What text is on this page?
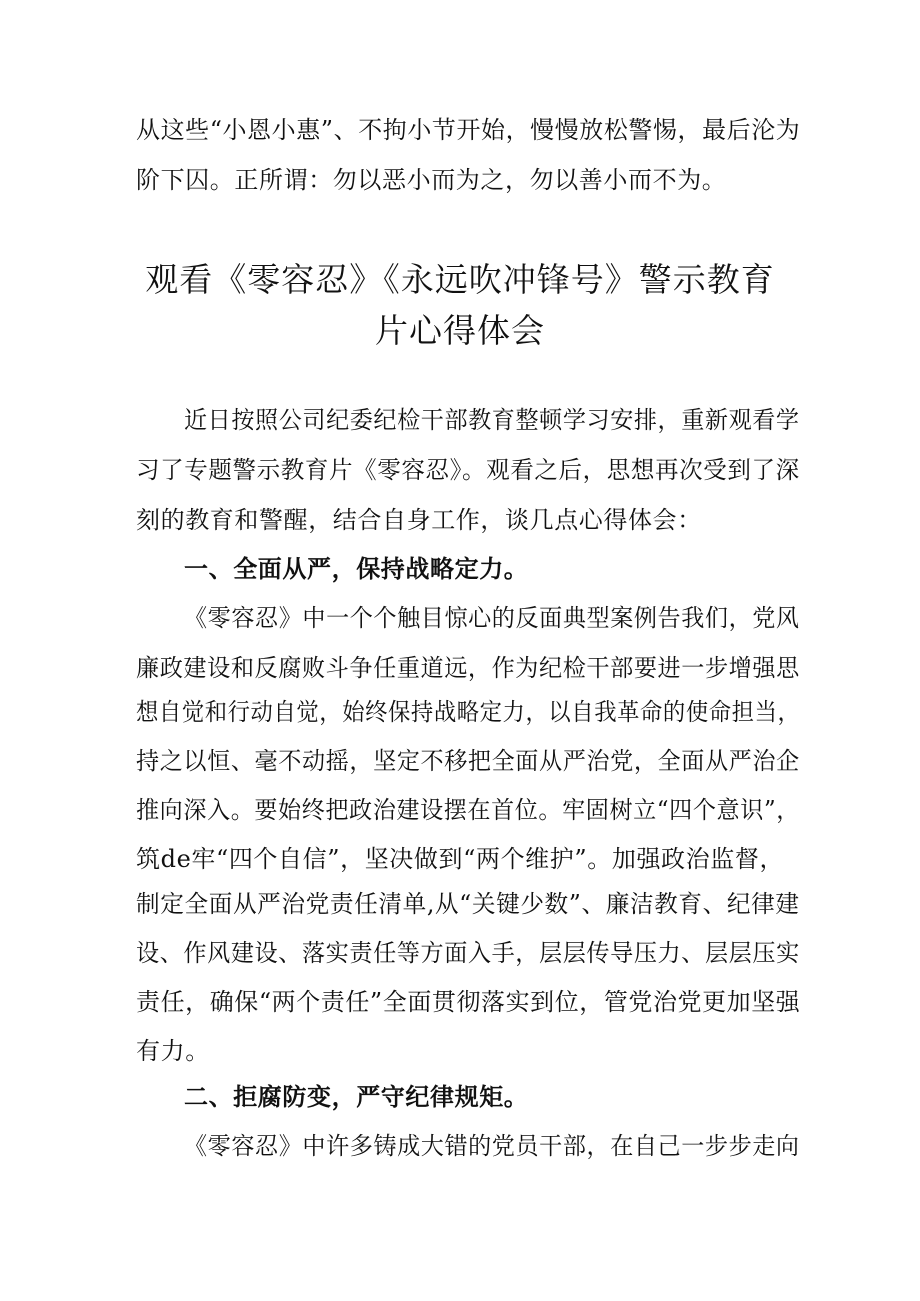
从这些“小恩小惠”、不拘小节开始，慢慢放松警惕，最后沦为
阶下囚。正所谓：勿以恶小而为之，勿以善小而不为。
观看《零容忍》《永远吹冲锋号》警示教育
片心得体会
近日按照公司纪委纪检干部教育整顿学习安排，重新观看学
习了专题警示教育片《零容忍》。观看之后，思想再次受到了深
刻的教育和警醒，结合自身工作，谈几点心得体会：
一、全面从严，保持战略定力。
《零容忍》中一个个触目惊心的反面典型案例告我们，党风
廉政建设和反腐败斗争任重道远，作为纪检干部要进一步增强思
想自觉和行动自觉，始终保持战略定力，以自我革命的使命担当，
持之以恒、毫不动摇，坚定不移把全面从严治党，全面从严治企
推向深入。要始终把政治建设摆在首位。牢固树立“四个意识”，
筑de牢“四个自信”，坚决做到“两个维护”。加强政治监督，
制定全面从严治党责任清单,从“关键少数”、廉洁教育、纪律建
设、作风建设、落实责任等方面入手，层层传导压力、层层压实
责任，确保“两个责任”全面贯彻落实到位，管党治党更加坚强
有力。
二、拒腐防变，严守纪律规矩。
《零容忍》中许多铸成大错的党员干部，在自己一步步走向
